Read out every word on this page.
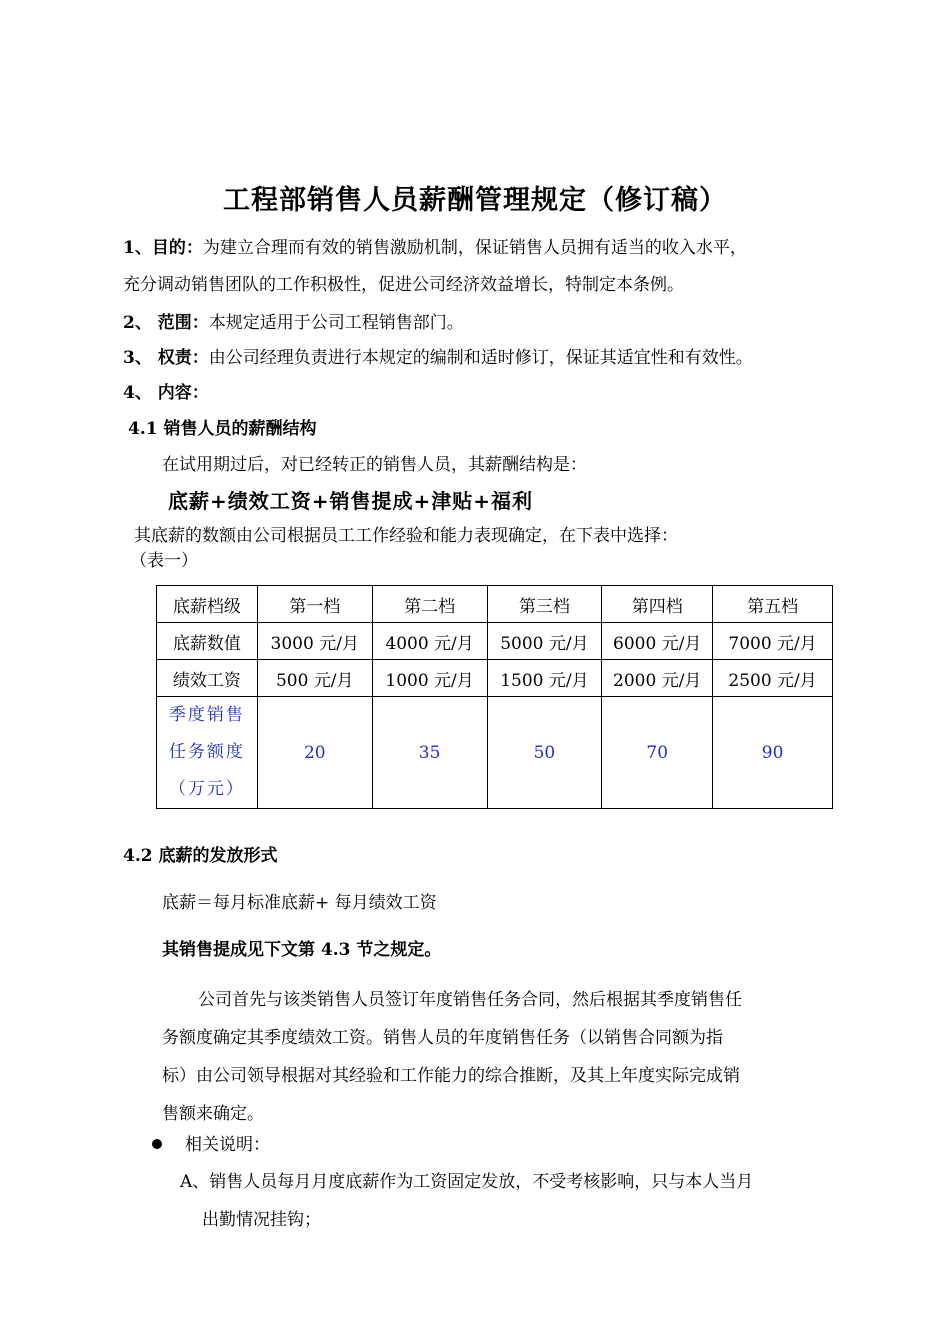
工程部销售人员薪酬管理规定（修订稿）
1、目的：为建立合理而有效的销售激励机制，保证销售人员拥有适当的收入水平，
充分调动销售团队的工作积极性，促进公司经济效益增长，特制定本条例。
2、 范围：本规定适用于公司工程销售部门。
3、 权责：由公司经理负责进行本规定的编制和适时修订，保证其适宜性和有效性。
4、 内容：
4.1 销售人员的薪酬结构
在试用期过后，对已经转正的销售人员，其薪酬结构是：
底薪+绩效工资+销售提成+津贴+福利
其底薪的数额由公司根据员工工作经验和能力表现确定，在下表中选择：
（表一）
底薪档级	第一档	第二档	第三档	第四档	第五档
底薪数值	3000 元/月	4000 元/月	5000 元/月	6000 元/月	7000 元/月
绩效工资	500 元/月	1000 元/月	1500 元/月	2000 元/月	2500 元/月

季度销售
任务额度
（万元）	20	35	50	70	90
4.2 底薪的发放形式
底薪＝每月标准底薪+ 每月绩效工资
其销售提成见下文第 4.3 节之规定。
公司首先与该类销售人员签订年度销售任务合同，然后根据其季度销售任
务额度确定其季度绩效工资。销售人员的年度销售任务（以销售合同额为指
标）由公司领导根据对其经验和工作能力的综合推断，及其上年度实际完成销
售额来确定。
相关说明：
A、销售人员每月月度底薪作为工资固定发放，不受考核影响，只与本人当月
出勤情况挂钩；
